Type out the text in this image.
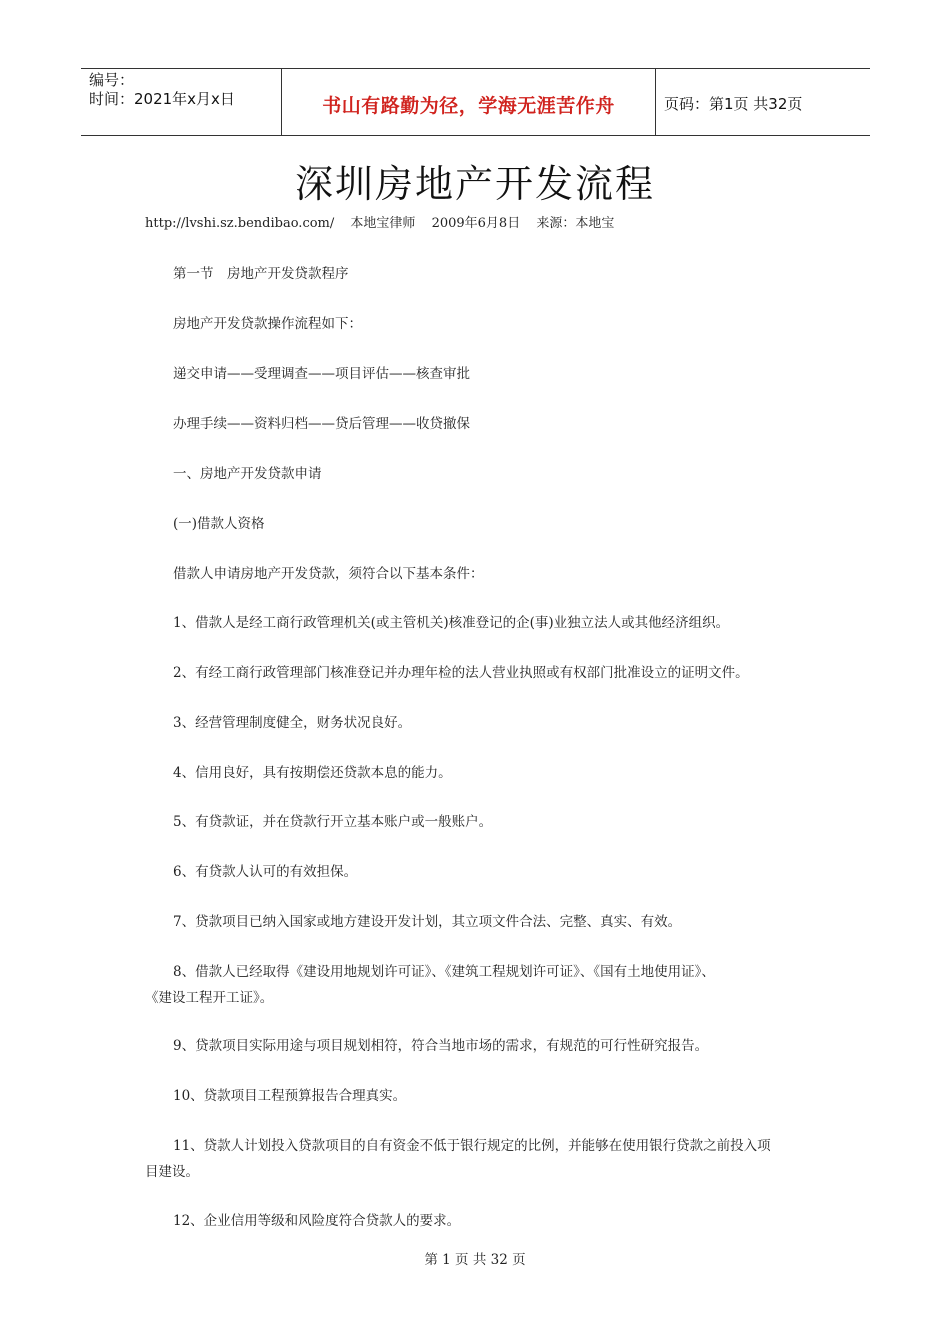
编号：
时间：2021年x月x日	书山有路勤为径，学海无涯苦作舟	页码：第1页 共32页
深圳房地产开发流程
http://lvshi.sz.bendibao.com/ 本地宝律师 2009年6月8日 来源：本地宝
第一节　房地产开发贷款程序
房地产开发贷款操作流程如下：
递交申请——受理调查——项目评估——核查审批
办理手续——资料归档——贷后管理——收贷撤保
一、房地产开发贷款申请
(一)借款人资格
借款人申请房地产开发贷款，须符合以下基本条件：
1、借款人是经工商行政管理机关(或主管机关)核准登记的企(事)业独立法人或其他经济组织。
2、有经工商行政管理部门核准登记并办理年检的法人营业执照或有权部门批准设立的证明文件。
3、经营管理制度健全，财务状况良好。
4、信用良好，具有按期偿还贷款本息的能力。
5、有贷款证，并在贷款行开立基本账户或一般账户。
6、有贷款人认可的有效担保。
7、贷款项目已纳入国家或地方建设开发计划，其立项文件合法、完整、真实、有效。
8、借款人已经取得《建设用地规划许可证》、《建筑工程规划许可证》、《国有土地使用证》、
《建设工程开工证》。
9、贷款项目实际用途与项目规划相符，符合当地市场的需求，有规范的可行性研究报告。
10、贷款项目工程预算报告合理真实。
11、贷款人计划投入贷款项目的自有资金不低于银行规定的比例，并能够在使用银行贷款之前投入项
目建设。
12、企业信用等级和风险度符合贷款人的要求。
第 1 页 共 32 页
